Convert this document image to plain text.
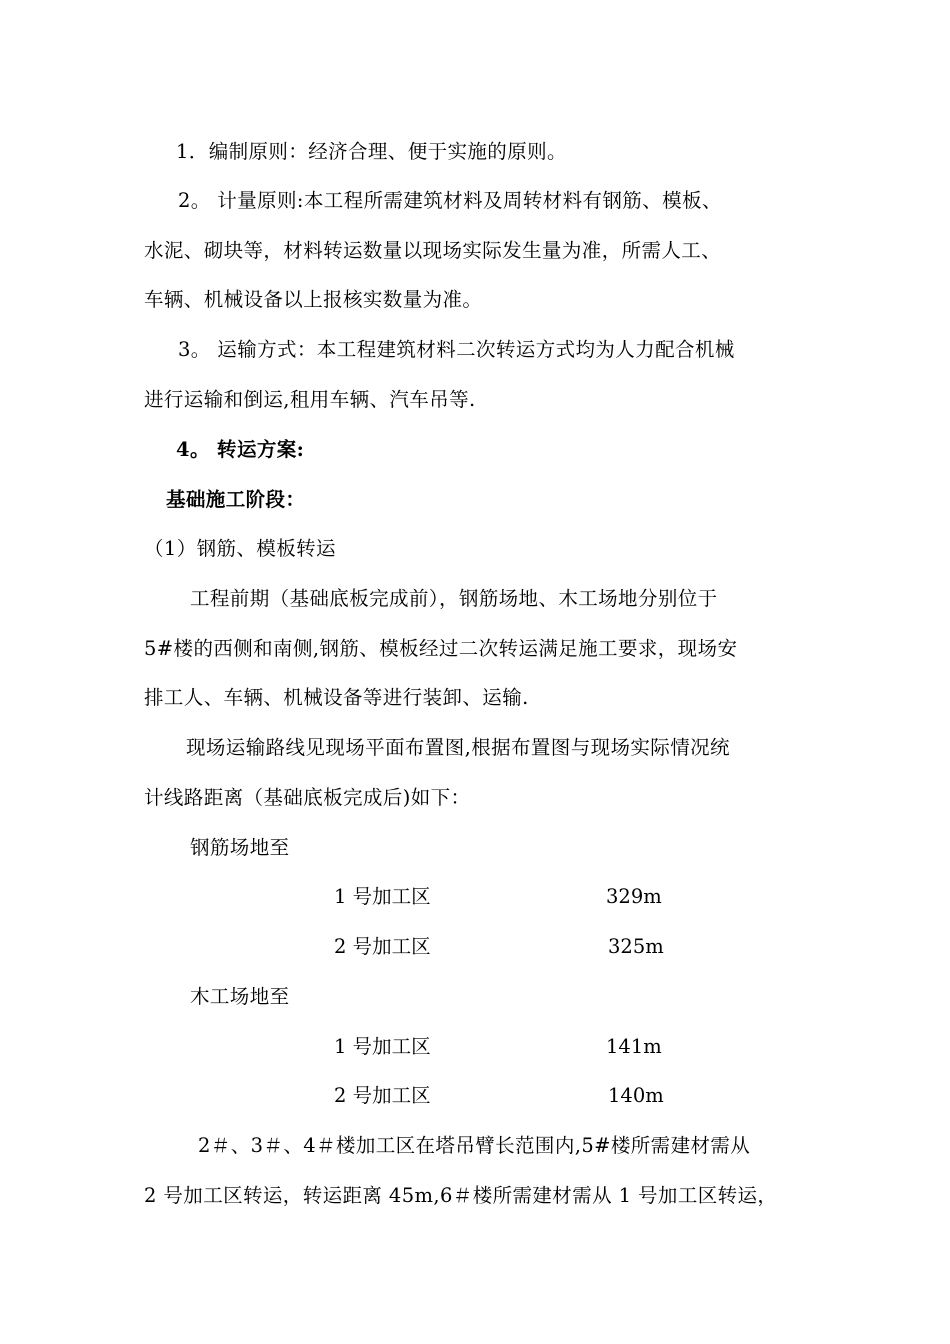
1．编制原则：经济合理、便于实施的原则。
2。 计量原则:本工程所需建筑材料及周转材料有钢筋、模板、
水泥、砌块等，材料转运数量以现场实际发生量为准，所需人工、
车辆、机械设备以上报核实数量为准。
3。 运输方式：本工程建筑材料二次转运方式均为人力配合机械
进行运输和倒运,租用车辆、汽车吊等.
4。 转运方案:
基础施工阶段：
（1）钢筋、模板转运
工程前期（基础底板完成前），钢筋场地、木工场地分别位于
5#楼的西侧和南侧,钢筋、模板经过二次转运满足施工要求，现场安
排工人、车辆、机械设备等进行装卸、运输.
现场运输路线见现场平面布置图,根据布置图与现场实际情况统
计线路距离（基础底板完成后)如下：
钢筋场地至
1 号加工区	329m
2 号加工区	325m
木工场地至
1 号加工区	141m
2 号加工区	140m
2＃、3＃、4＃楼加工区在塔吊臂长范围内,5#楼所需建材需从
2 号加工区转运，转运距离 45m,6＃楼所需建材需从 1 号加工区转运，
